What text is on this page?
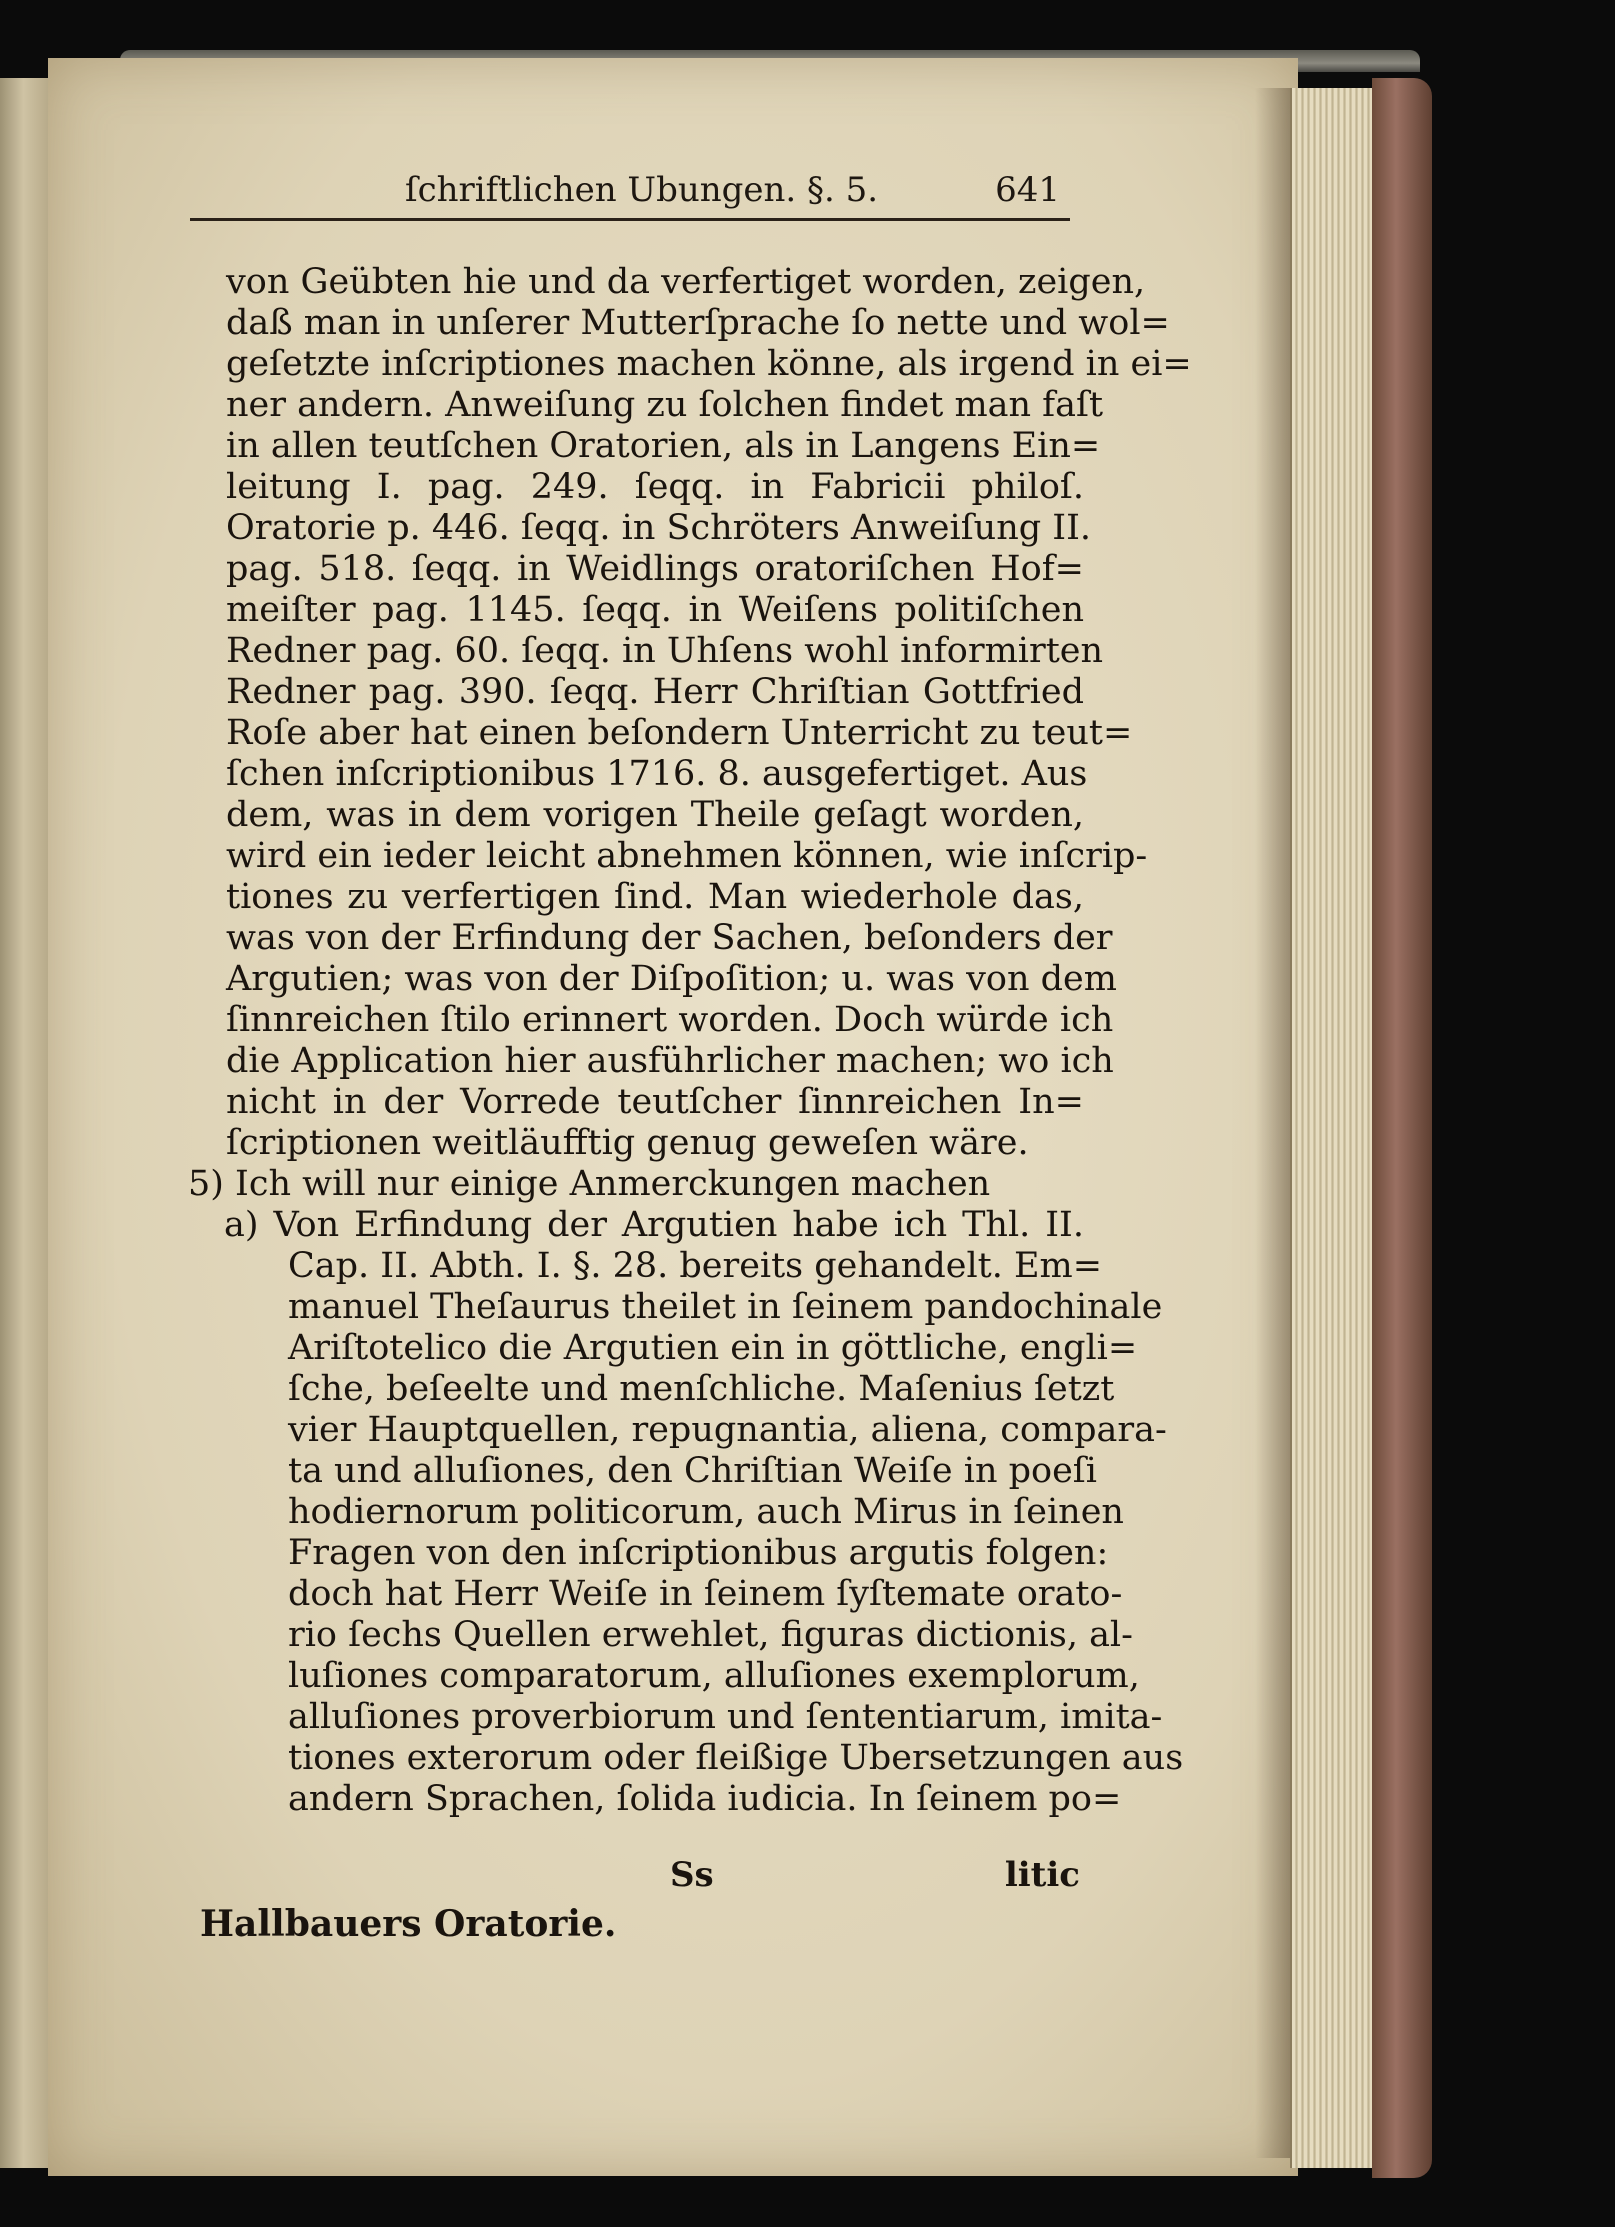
ſchriftlichen Ubungen. §. 5.	641
von Geübten hie und da verfertiget worden, zeigen,
daß man in unſerer Mutterſprache ſo nette und wol=
geſetzte inſcriptiones machen könne, als irgend in ei=
ner andern. Anweiſung zu ſolchen findet man faſt
in allen teutſchen Oratorien, als in Langens Ein=
leitung I. pag. 249. ſeqq. in Fabricii philoſ.
Oratorie p. 446. ſeqq. in Schröters Anweiſung II.
pag. 518. ſeqq. in Weidlings oratoriſchen Hof=
meiſter pag. 1145. ſeqq. in Weiſens politiſchen
Redner pag. 60. ſeqq. in Uhſens wohl informirten
Redner pag. 390. ſeqq. Herr Chriſtian Gottfried
Roſe aber hat einen beſondern Unterricht zu teut=
ſchen inſcriptionibus 1716. 8. ausgefertiget. Aus
dem, was in dem vorigen Theile geſagt worden,
wird ein ieder leicht abnehmen können, wie inſcrip-
tiones zu verfertigen ſind. Man wiederhole das,
was von der Erfindung der Sachen, beſonders der
Argutien; was von der Diſpoſition; u. was von dem
ſinnreichen ſtilo erinnert worden. Doch würde ich
die Application hier ausführlicher machen; wo ich
nicht in der Vorrede teutſcher ſinnreichen In=
ſcriptionen weitläufftig genug geweſen wäre.
5) Ich will nur einige Anmerckungen machen
a) Von Erfindung der Argutien habe ich Thl. II.
Cap. II. Abth. I. §. 28. bereits gehandelt. Em=
manuel Theſaurus theilet in ſeinem pandochinale
Ariſtotelico die Argutien ein in göttliche, engli=
ſche, beſeelte und menſchliche. Maſenius ſetzt
vier Hauptquellen, repugnantia, aliena, compara-
ta und alluſiones, den Chriſtian Weiſe in poeſi
hodiernorum politicorum, auch Mirus in ſeinen
Fragen von den inſcriptionibus argutis folgen:
doch hat Herr Weiſe in ſeinem ſyſtemate orato-
rio ſechs Quellen erwehlet, figuras dictionis, al-
luſiones comparatorum, alluſiones exemplorum,
alluſiones proverbiorum und ſententiarum, imita-
tiones exterorum oder fleißige Ubersetzungen aus
andern Sprachen, ſolida iudicia. In ſeinem po=
Ss	litic
Hallbauers Oratorie.
